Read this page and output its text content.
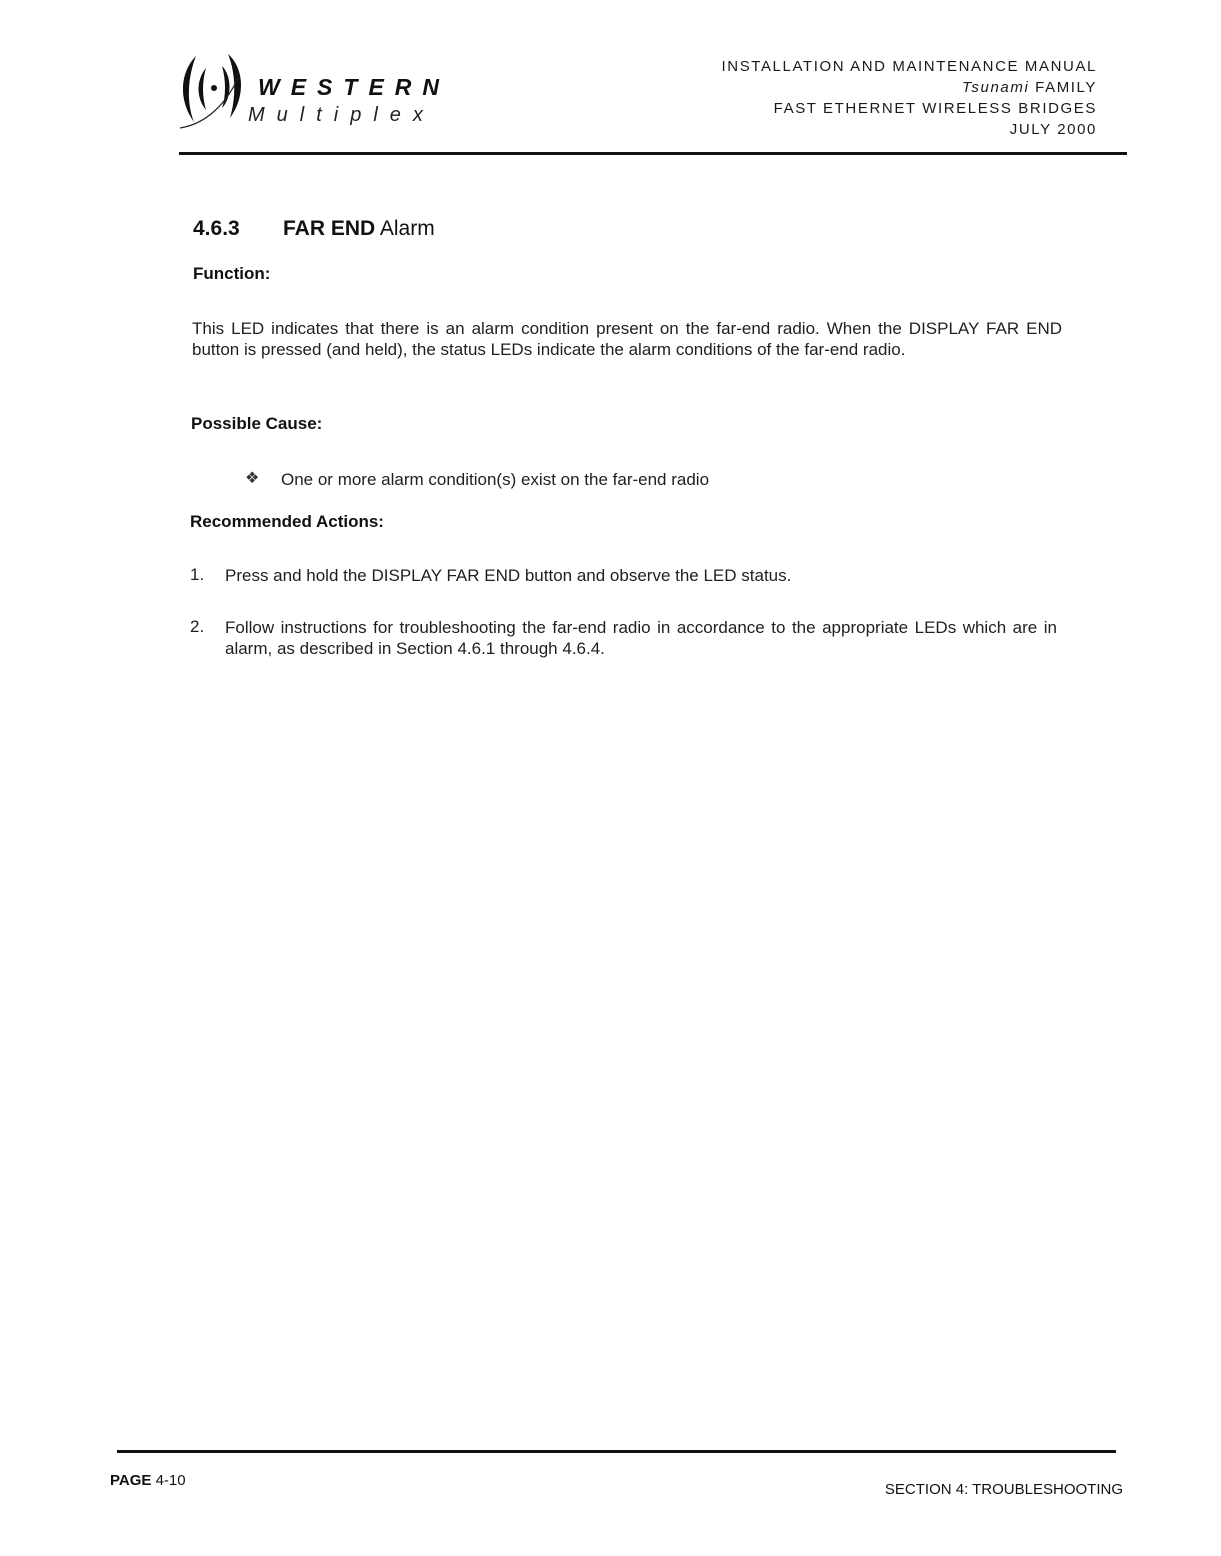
WESTERN
Multiplex
INSTALLATION AND MAINTENANCE MANUAL
Tsunami FAMILY
FAST ETHERNET WIRELESS BRIDGES
JULY 2000
4.6.3 FAR END Alarm
Function:
This LED indicates that there is an alarm condition present on the far-end radio. When the DISPLAY FAR END button is pressed (and held), the status LEDs indicate the alarm conditions of the far-end radio.
Possible Cause:
❖ One or more alarm condition(s) exist on the far-end radio
Recommended Actions:
1. Press and hold the DISPLAY FAR END button and observe the LED status.
2. Follow instructions for troubleshooting the far-end radio in accordance to the appropriate LEDs which are in alarm, as described in Section 4.6.1 through 4.6.4.
PAGE 4-10
SECTION 4: TROUBLESHOOTING
